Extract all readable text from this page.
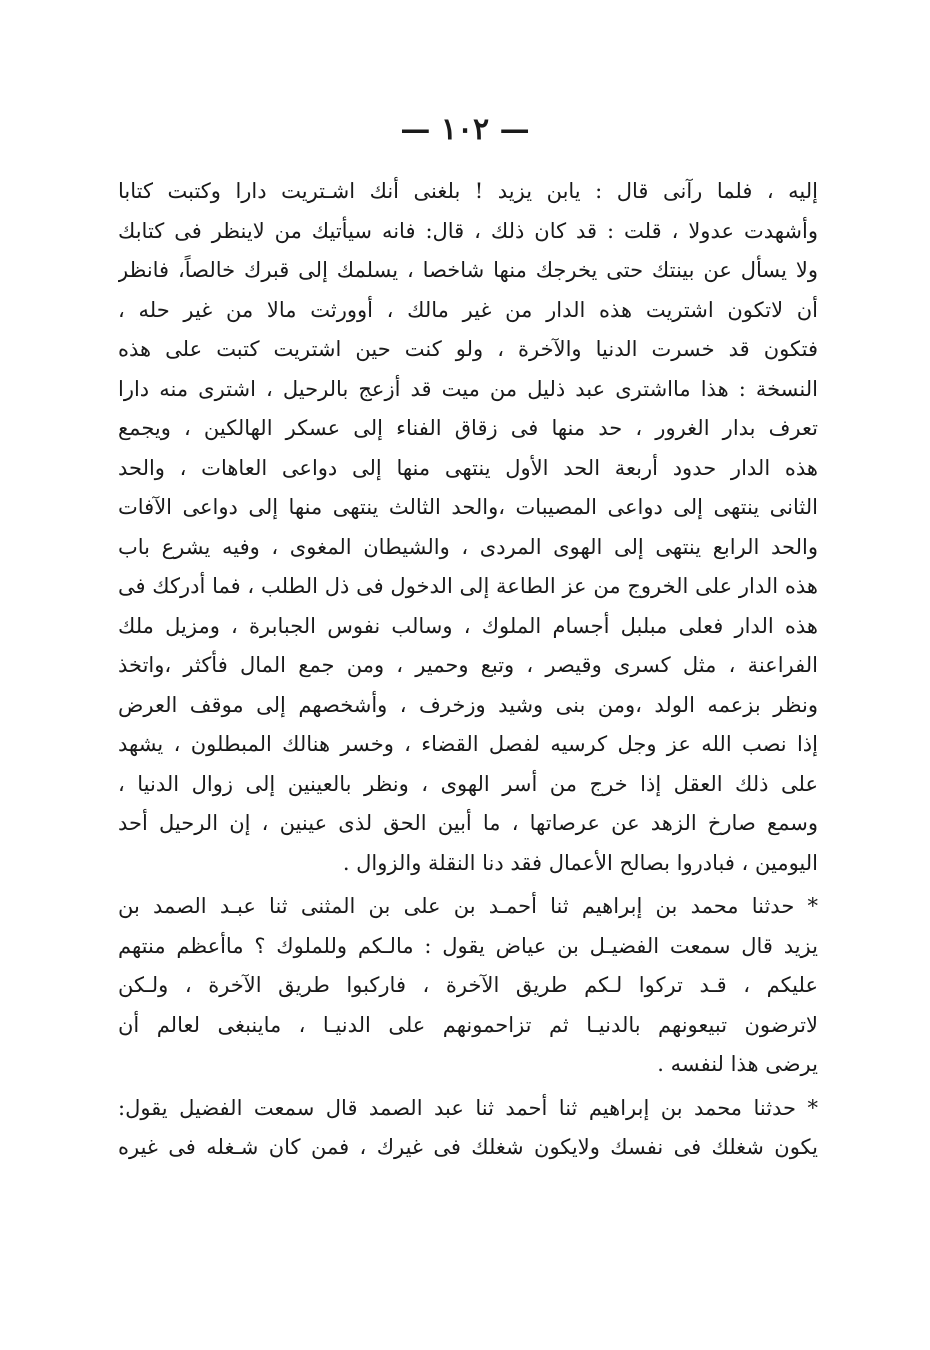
— ١٠٢ —
إليه ، فلما رآنى قال : يابن يزيد ! بلغنى أنك اشـتريت دارا وكتبت كتابا
وأشهدت عدولا ، قلت : قد كان ذلك ، قال: فانه سيأتيك من لاينظر فى كتابك
ولا يسأل عن بينتك حتى يخرجك منها شاخصا ، يسلمك إلى قبرك خالصاً، فانظر
أن لاتكون اشتريت هذه الدار من غير مالك ، أوورثت مالا من غير حله ،
فتكون قد خسرت الدنيا والآخرة ، ولو كنت حين اشتريت كتبت على هذه
النسخة : هذا مااشترى عبد ذليل من ميت قد أزعج بالرحيل ، اشترى منه دارا
تعرف بدار الغرور ، حد منها فى زقاق الفناء إلى عسكر الهالكين ، ويجمع
هذه الدار حدود أربعة الحد الأول ينتهى منها إلى دواعى العاهات ، والحد
الثانى ينتهى إلى دواعى المصيبات ،والحد الثالث ينتهى منها إلى دواعى الآفات
والحد الرابع ينتهى إلى الهوى المردى ، والشيطان المغوى ، وفيه يشرع باب
هذه الدار على الخروج من عز الطاعة إلى الدخول فى ذل الطلب ، فما أدركك فى
هذه الدار فعلى مبلبل أجسام الملوك ، وسالب نفوس الجبابرة ، ومزيل ملك
الفراعنة ، مثل كسرى وقيصر ، وتبع وحمير ، ومن جمع المال فأكثر ،واتخذ
ونظر بزعمه الولد ،ومن بنى وشيد وزخرف ، وأشخصهم إلى موقف العرض
إذا نصب الله عز وجل كرسيه لفصل القضاء ، وخسر هنالك المبطلون ، يشهد
على ذلك العقل إذا خرج من أسر الهوى ، ونظر بالعينين إلى زوال الدنيا ،
وسمع صارخ الزهد عن عرصاتها ، ما أبين الحق لذى عينين ، إن الرحيل أحد
اليومين ، فبادروا بصالح الأعمال فقد دنا النقلة والزوال .
* حدثنا محمد بن إبراهيم ثنا أحمـد بن على بن المثنى ثنا عبـد الصمد بن
يزيد قال سمعت الفضيـل بن عياض يقول : مالـكم وللملوك ؟ ماأعظم منتهم
عليكم ، قـد تركوا لـكم طريق الآخرة ، فاركبوا طريق الآخرة ، ولـكن
لاترضون تبيعونهم بالدنيـا ثم تزاحمونهم على الدنيـا ، ماينبغى لعالم أن
يرضى هذا لنفسه .
* حدثنا محمد بن إبراهيم ثنا أحمد ثنا عبد الصمد قال سمعت الفضيل يقول:
يكون شغلك فى نفسك ولايكون شغلك فى غيرك ، فمن كان شـغله فى غيره
